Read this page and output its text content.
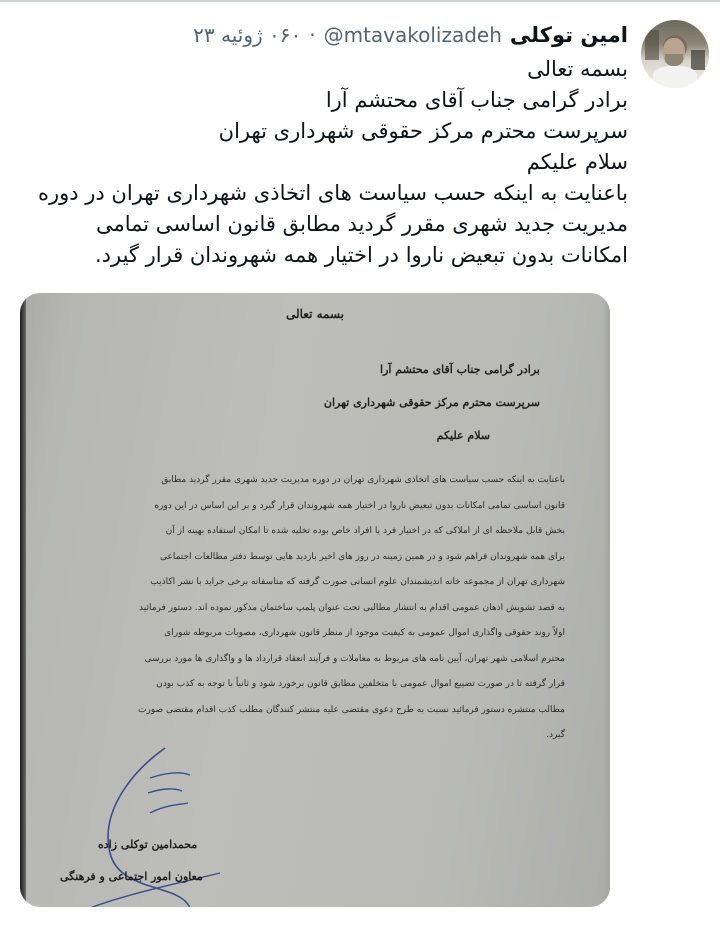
امین توکلی
@mtavakolizadeh
·
۰۶۰ ژوئیه ۲۳
بسمه تعالی
برادر گرامی جناب آقای محتشم آرا
سرپرست محترم مرکز حقوقی شهرداری تهران
سلام علیکم
باعنایت به اینکه حسب سیاست های اتخاذی شهرداری تهران در دوره
مدیریت جدید شهری مقرر گردید مطابق قانون اساسی تمامی
امکانات بدون تبعیض ناروا در اختیار همه شهروندان قرار گیرد.
بسمه تعالی
برادر گرامی جناب آقای محتشم آرا
سرپرست محترم مرکز حقوقی شهرداری تهران
سلام علیکم
باعنایت به اینکه حسب سیاست های اتخاذی شهرداری تهران در دوره مدیریت جدید شهری مقرر گردید مطابق
قانون اساسی تمامی امکانات بدون تبعیض ناروا در اختیار همه شهروندان قرار گیرد و بر این اساس در این دوره
بخش قابل ملاحظه ای از املاکی که در اختیار فرد یا افراد خاص بوده تخلیه شده تا امکان استفاده بهینه از آن
برای همه شهروندان فراهم شود و در همین زمینه در روز های اخیر بازدید هایی توسط دفتر مطالعات اجتماعی
شهرداری تهران از مجموعه خانه اندیشمندان علوم انسانی صورت گرفته که متاسفانه برخی جراید با نشر اکاذیب
به قصد تشویش اذهان عمومی اقدام به انتشار مطالبی تحت عنوان پلمپ ساختمان مذکور نموده اند. دستور فرمائید
اولاً روند حقوقی واگذاری اموال عمومی به کیفیت موجود از منظر قانون شهرداری، مصوبات مربوطه شورای
محترم اسلامی شهر تهران، آیین نامه های مربوط به معاملات و فرآیند انعقاد قرارداد ها و واگذاری ها مورد بررسی
قرار گرفته تا در صورت تضییع اموال عمومی با متخلفین مطابق قانون برخورد شود و ثانیاً با توجه به کذب بودن
مطالب منتشره دستور فرمائید نسبت به طرح دعوی مقتضی علیه منتشر کنندگان مطلب کذب اقدام مقتضی صورت
گیرد.
محمدامین توکلی زاده
معاون امور اجتماعی و فرهنگی
